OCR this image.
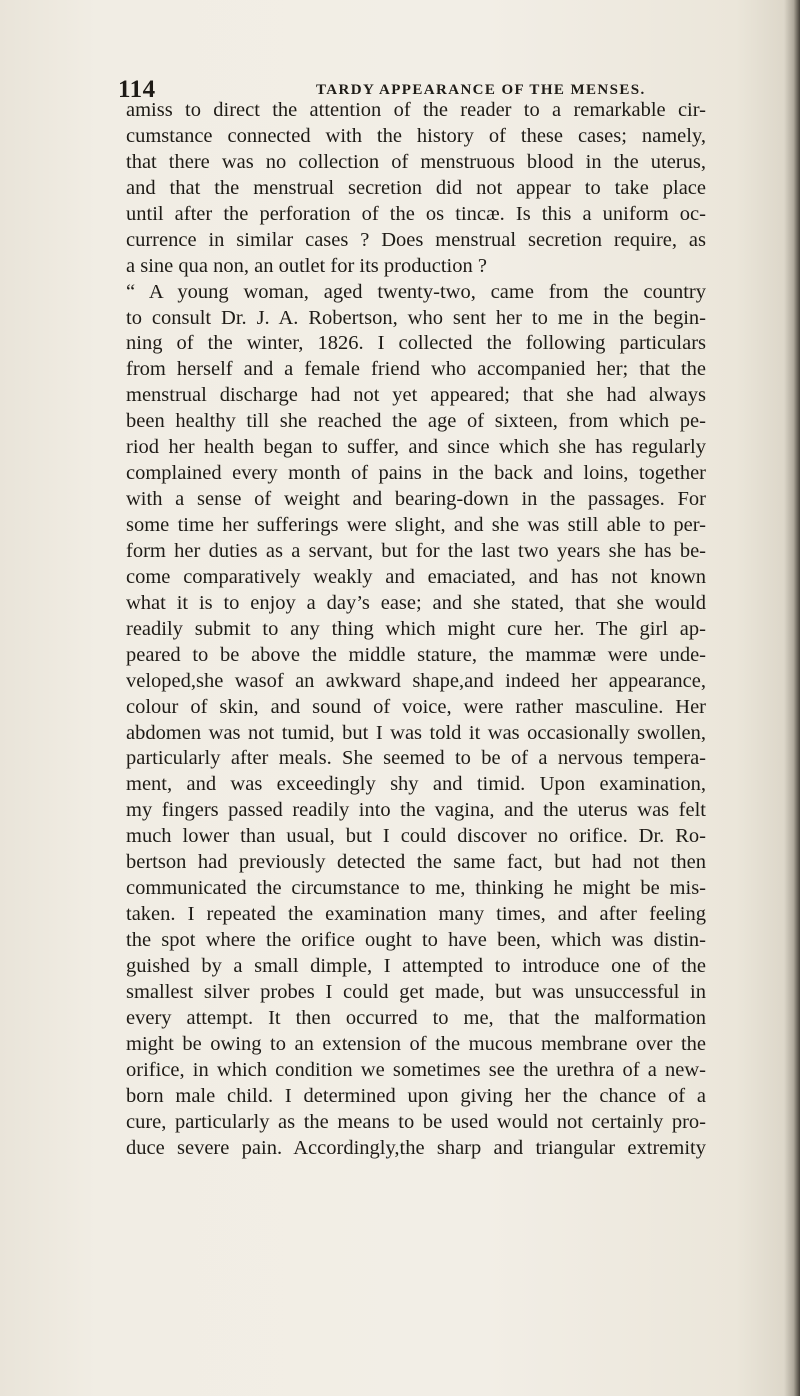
114	TARDY APPEARANCE OF THE MENSES.
amiss to direct the attention of the reader to a remarkable cir-
cumstance connected with the history of these cases; namely,
that there was no collection of menstruous blood in the uterus,
and that the menstrual secretion did not appear to take place
until after the perforation of the os tincæ. Is this a uniform oc-
currence in similar cases ? Does menstrual secretion require, as
a sine qua non, an outlet for its production ?
“ A young woman, aged twenty-two, came from the country
to consult Dr. J. A. Robertson, who sent her to me in the begin-
ning of the winter, 1826. I collected the following particulars
from herself and a female friend who accompanied her; that the
menstrual discharge had not yet appeared; that she had always
been healthy till she reached the age of sixteen, from which pe-
riod her health began to suffer, and since which she has regularly
complained every month of pains in the back and loins, together
with a sense of weight and bearing-down in the passages. For
some time her sufferings were slight, and she was still able to per-
form her duties as a servant, but for the last two years she has be-
come comparatively weakly and emaciated, and has not known
what it is to enjoy a day’s ease; and she stated, that she would
readily submit to any thing which might cure her. The girl ap-
peared to be above the middle stature, the mammæ were unde-
veloped,she wasof an awkward shape,and indeed her appearance,
colour of skin, and sound of voice, were rather masculine. Her
abdomen was not tumid, but I was told it was occasionally swollen,
particularly after meals. She seemed to be of a nervous tempera-
ment, and was exceedingly shy and timid. Upon examination,
my fingers passed readily into the vagina, and the uterus was felt
much lower than usual, but I could discover no orifice. Dr. Ro-
bertson had previously detected the same fact, but had not then
communicated the circumstance to me, thinking he might be mis-
taken. I repeated the examination many times, and after feeling
the spot where the orifice ought to have been, which was distin-
guished by a small dimple, I attempted to introduce one of the
smallest silver probes I could get made, but was unsuccessful in
every attempt. It then occurred to me, that the malformation
might be owing to an extension of the mucous membrane over the
orifice, in which condition we sometimes see the urethra of a new-
born male child. I determined upon giving her the chance of a
cure, particularly as the means to be used would not certainly pro-
duce severe pain. Accordingly,the sharp and triangular extremity
